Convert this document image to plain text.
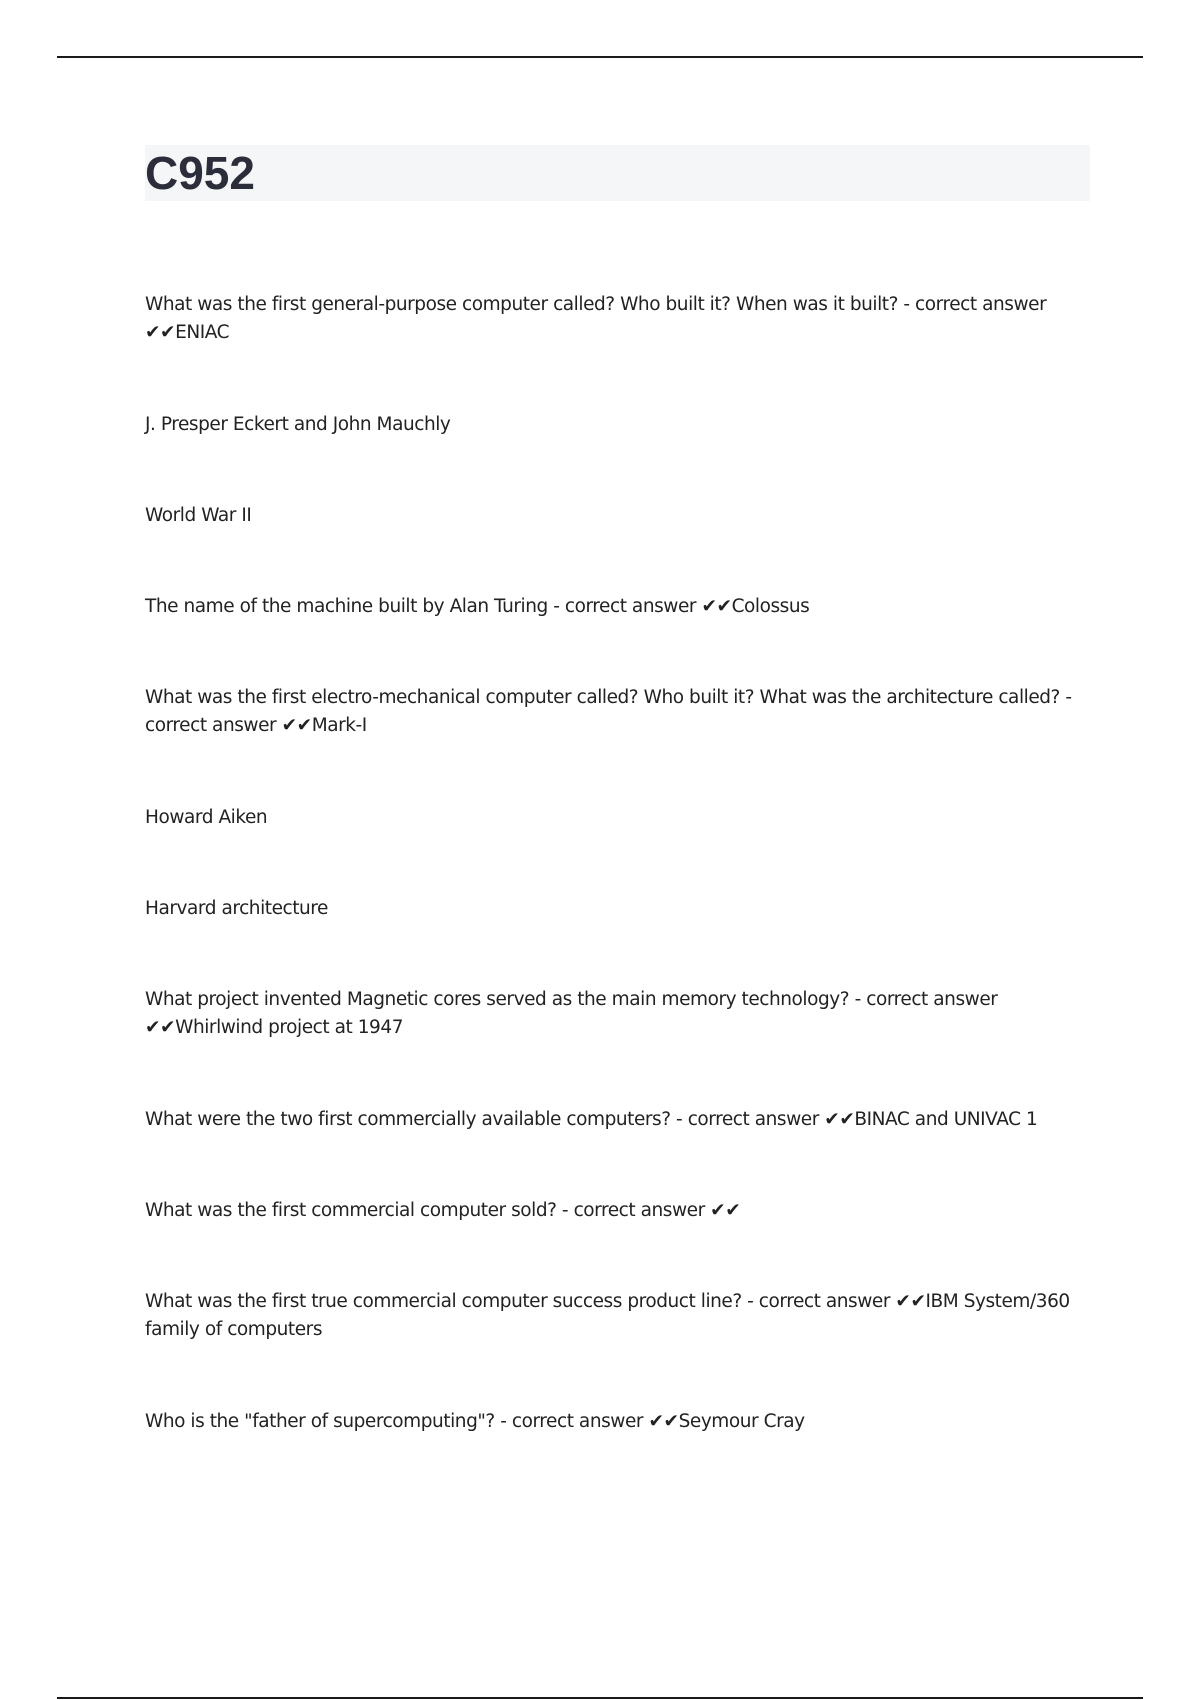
C952

What was the first general-purpose computer called? Who built it? When was it built? - correct answer ✔✔ENIAC

J. Presper Eckert and John Mauchly

World War II

The name of the machine built by Alan Turing - correct answer ✔✔Colossus

What was the first electro-mechanical computer called? Who built it? What was the architecture called? - correct answer ✔✔Mark-I

Howard Aiken

Harvard architecture

What project invented Magnetic cores served as the main memory technology? - correct answer ✔✔Whirlwind project at 1947

What were the two first commercially available computers? - correct answer ✔✔BINAC and UNIVAC 1

What was the first commercial computer sold? - correct answer ✔✔

What was the first true commercial computer success product line? - correct answer ✔✔IBM System/360 family of computers

Who is the "father of supercomputing"? - correct answer ✔✔Seymour Cray
